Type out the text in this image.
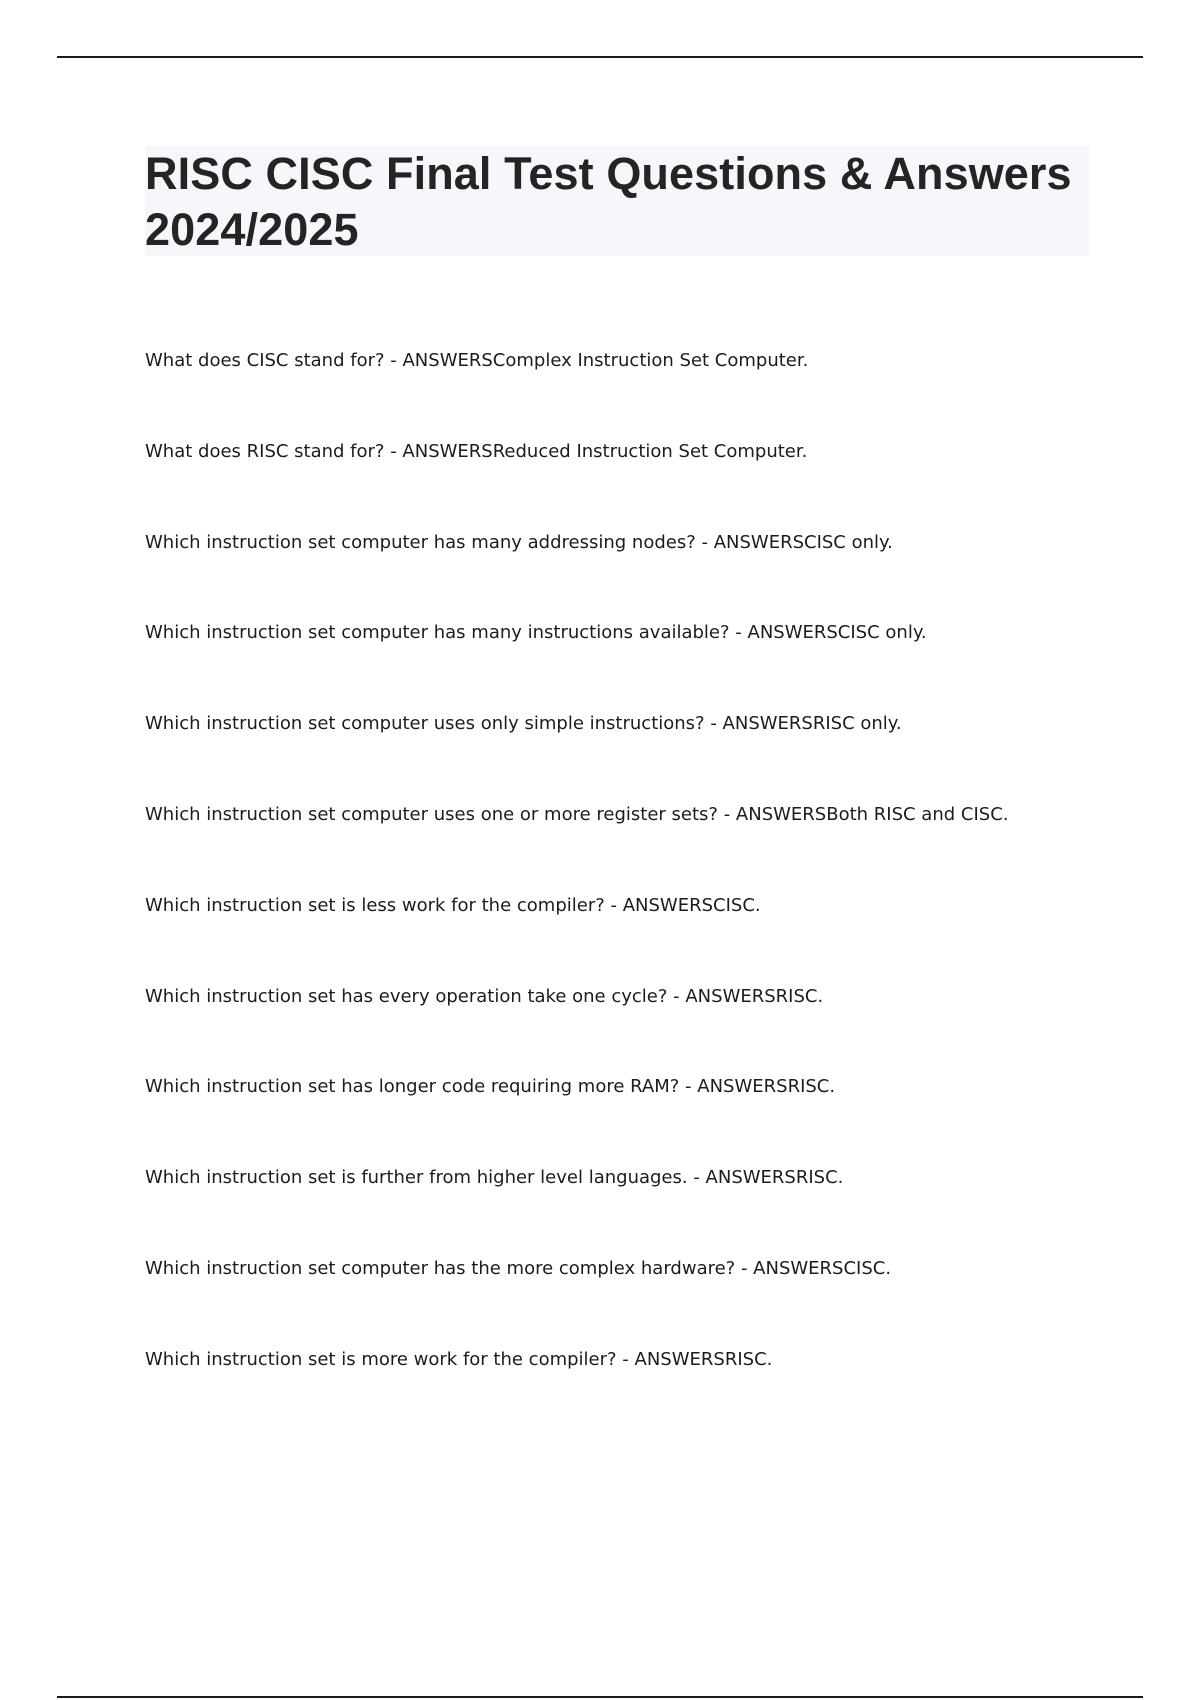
RISC CISC Final Test Questions & Answers 2024/2025
What does CISC stand for? - ANSWERSComplex Instruction Set Computer.
What does RISC stand for? - ANSWERSReduced Instruction Set Computer.
Which instruction set computer has many addressing nodes? - ANSWERSCISC only.
Which instruction set computer has many instructions available? - ANSWERSCISC only.
Which instruction set computer uses only simple instructions? - ANSWERSRISC only.
Which instruction set computer uses one or more register sets? - ANSWERSBoth RISC and CISC.
Which instruction set is less work for the compiler? - ANSWERSCISC.
Which instruction set has every operation take one cycle? - ANSWERSRISC.
Which instruction set has longer code requiring more RAM? - ANSWERSRISC.
Which instruction set is further from higher level languages. - ANSWERSRISC.
Which instruction set computer has the more complex hardware? - ANSWERSCISC.
Which instruction set is more work for the compiler? - ANSWERSRISC.
